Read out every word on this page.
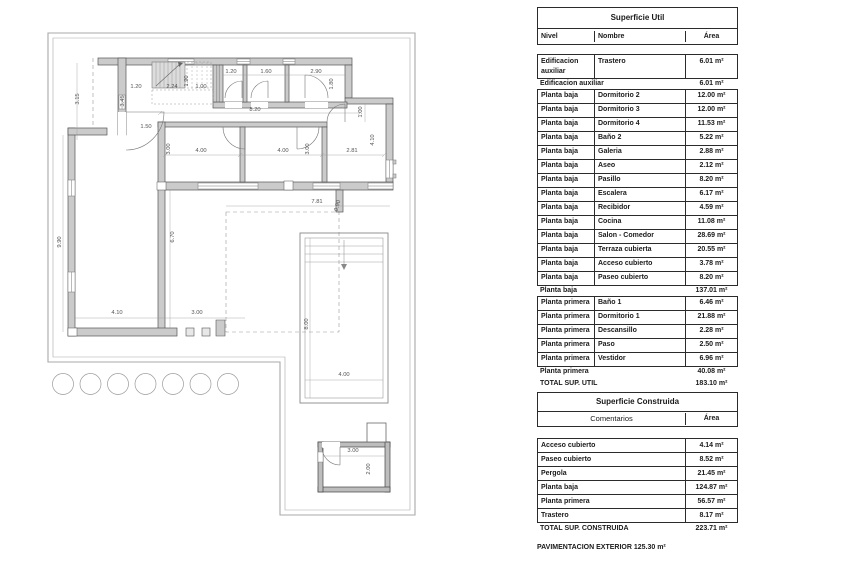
3.15
1.20
3.45
2.24
1.90
1.00
1.20	1.60	2.90
1.80
8.20	1.00
1.50
3.00	4.00	4.00	3.00	2.81
4.10
9.90	6.70
7.81 0.90
4.10	3.00
8.00
4.00
3.00
2.00
Superficie Util
Nivel	Nombre	Área
Edificacion auxiliar
Trastero	6.01 m²
Edificacion auxiliar	6.01 m²
Planta baja	Dormitorio 2	12.00 m²
Planta baja	Dormitorio 3	12.00 m²
Planta baja	Dormitorio 4	11.53 m²
Planta baja	Baño 2	5.22 m²
Planta baja	Galeria	2.88 m²
Planta baja	Aseo	2.12 m²
Planta baja	Pasillo	8.20 m²
Planta baja	Escalera	6.17 m²
Planta baja	Recibidor	4.59 m²
Planta baja	Cocina	11.08 m²
Planta baja	Salon - Comedor	28.69 m²
Planta baja	Terraza cubierta	20.55 m²
Planta baja	Acceso cubierto	3.78 m²
Planta baja	Paseo cubierto	8.20 m²
Planta baja	137.01 m²
Planta primera	Baño 1	6.46 m²
Planta primera	Dormitorio 1	21.88 m²
Planta primera	Descansillo	2.28 m²
Planta primera	Paso	2.50 m²
Planta primera	Vestidor	6.96 m²
Planta primera	40.08 m²
TOTAL SUP. UTIL	183.10 m²
Superficie Construida
Comentarios	Área
Acceso cubierto	4.14 m²
Paseo cubierto	8.52 m²
Pergola	21.45 m²
Planta baja	124.87 m²
Planta primera	56.57 m²
Trastero	8.17 m²
TOTAL SUP. CONSTRUIDA	223.71 m²
PAVIMENTACION EXTERIOR 125.30 m²
